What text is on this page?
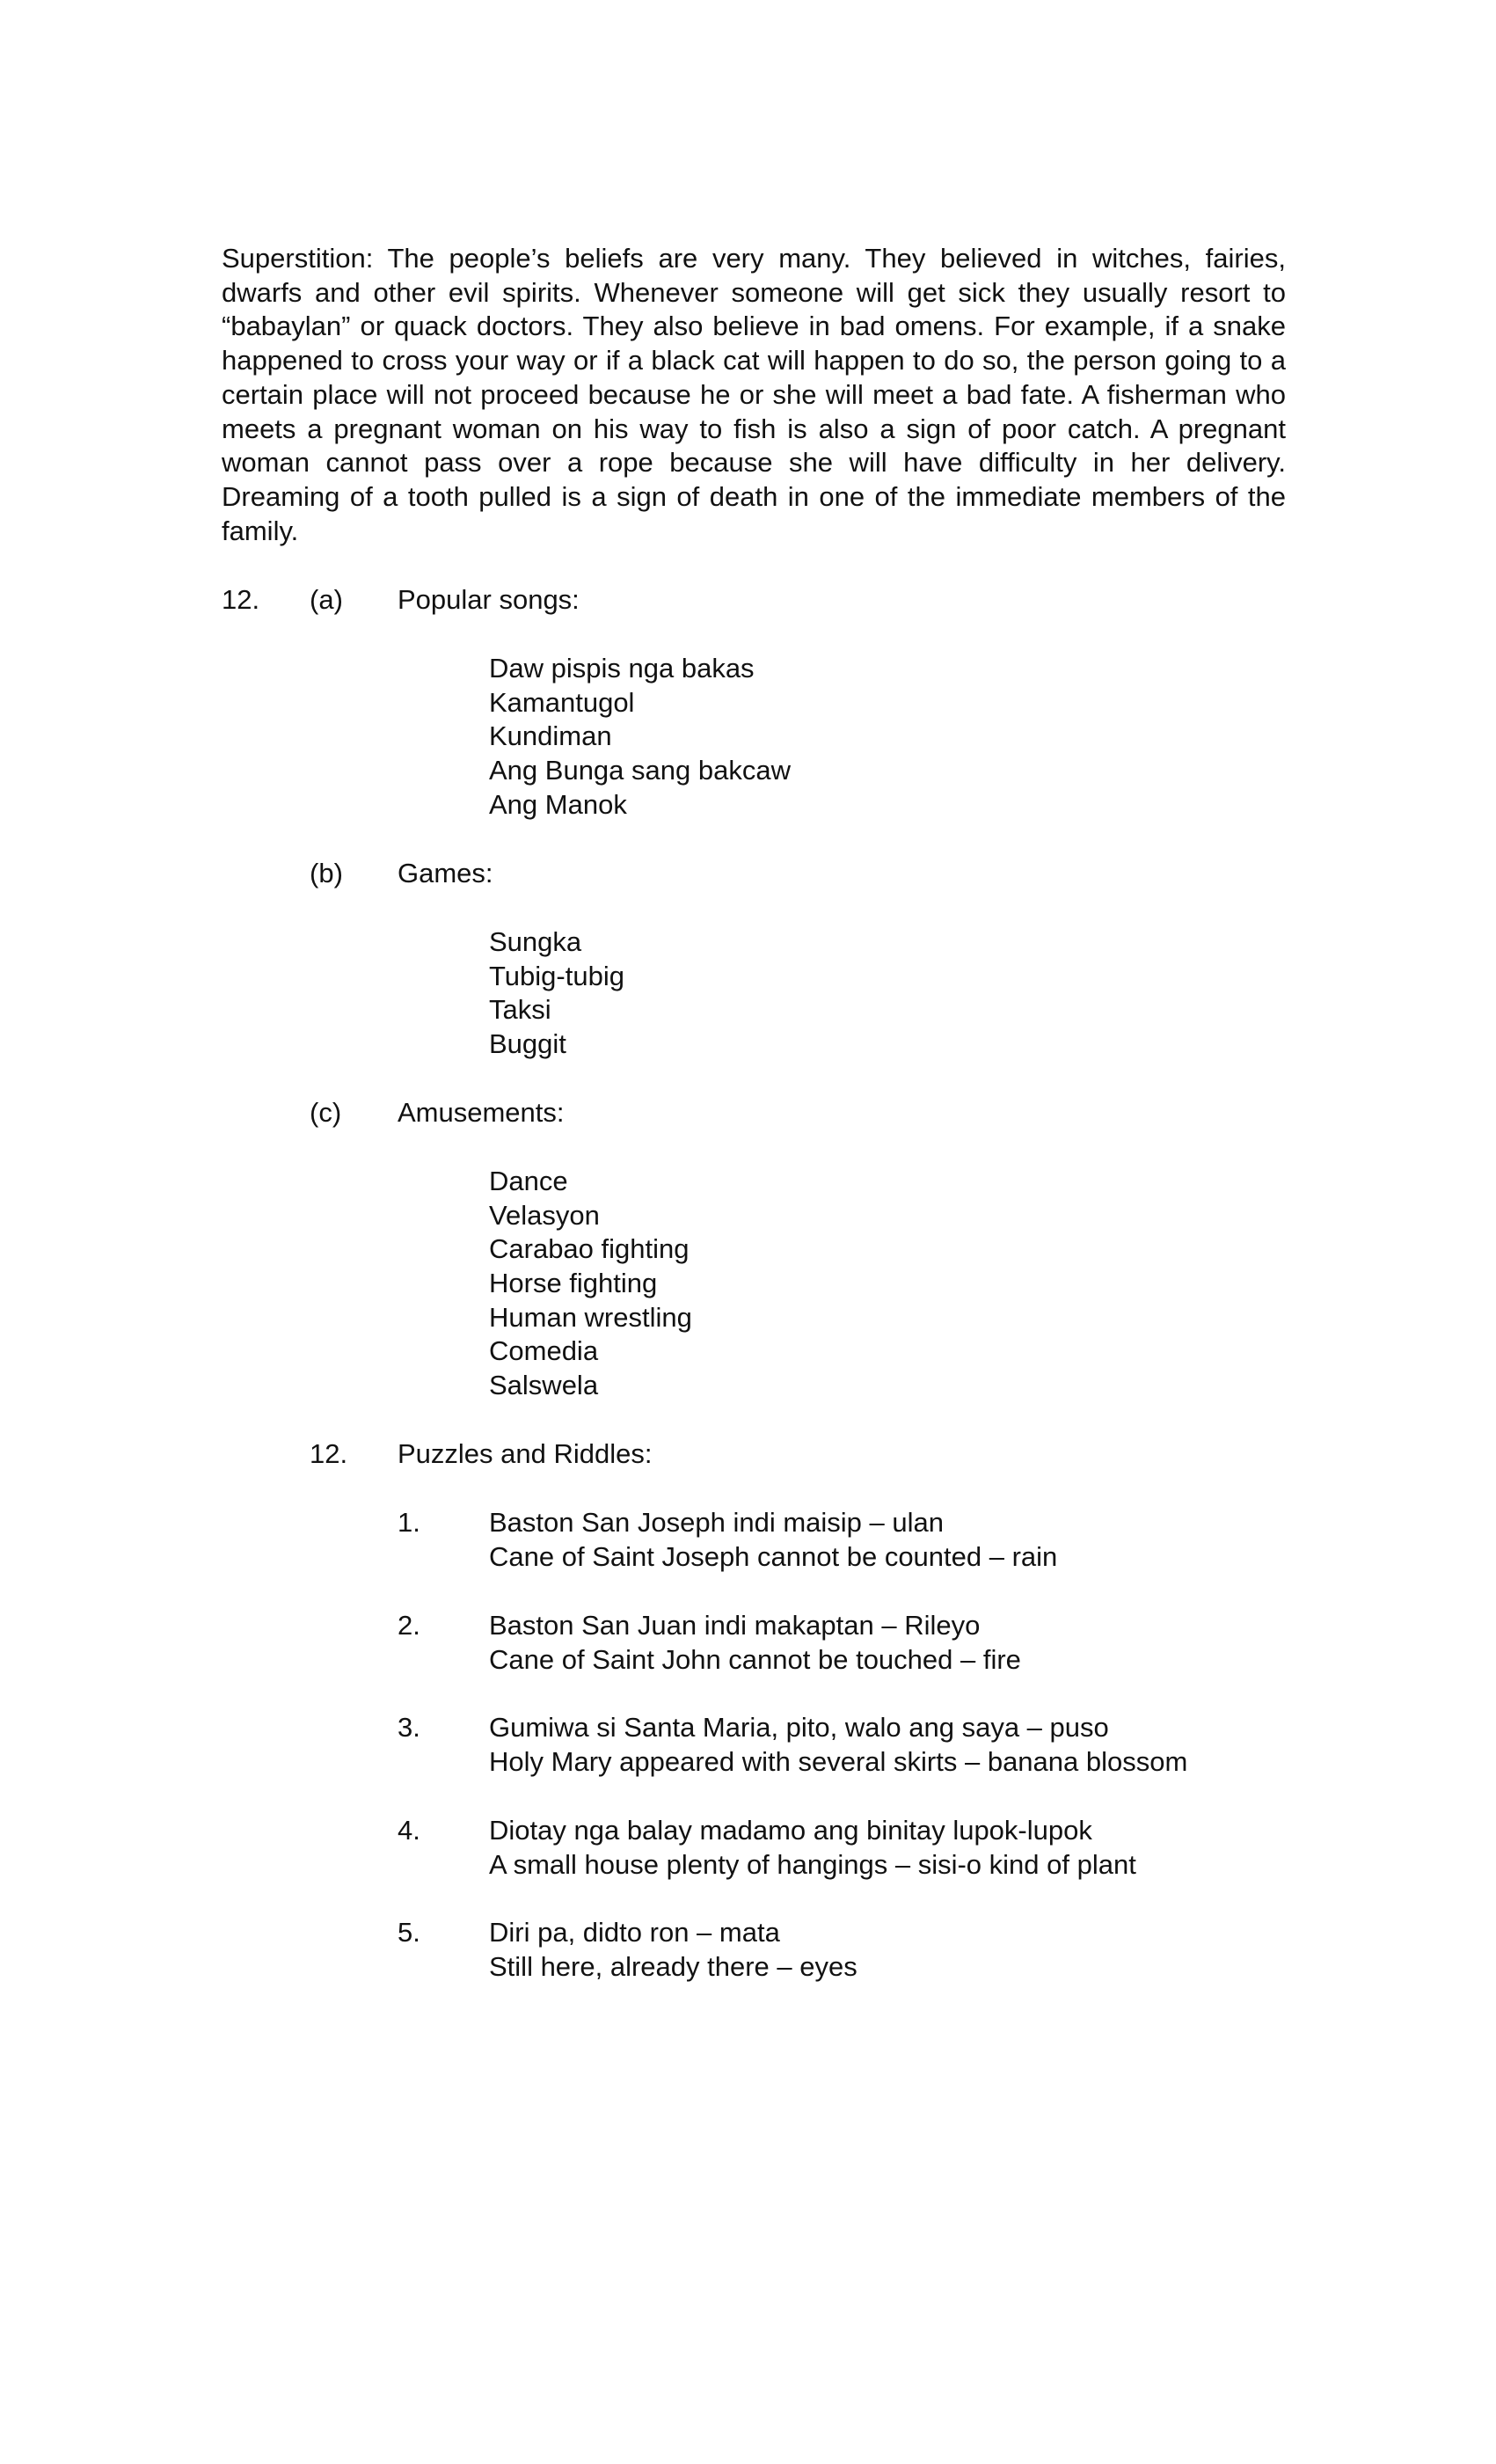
Superstition: The people’s beliefs are very many. They believed in witches, fairies, dwarfs and other evil spirits. Whenever someone will get sick they usually resort to “babaylan” or quack doctors. They also believe in bad omens. For example, if a snake happened to cross your way or if a black cat will happen to do so, the person going to a certain place will not proceed because he or she will meet a bad fate. A fisherman who meets a pregnant woman on his way to fish is also a sign of poor catch. A pregnant woman cannot pass over a rope because she will have difficulty in her delivery. Dreaming of a tooth pulled is a sign of death in one of the immediate members of the family.

12. (a) Popular songs:
Daw pispis nga bakas
Kamantugol
Kundiman
Ang Bunga sang bakcaw
Ang Manok
(b) Games:
Sungka
Tubig-tubig
Taksi
Buggit
(c) Amusements:
Dance
Velasyon
Carabao fighting
Horse fighting
Human wrestling
Comedia
Salswela
12. Puzzles and Riddles:
1.	Baston San Joseph indi maisip – ulan
Cane of Saint Joseph cannot be counted – rain
2.	Baston San Juan indi makaptan – Rileyo
Cane of Saint John cannot be touched – fire
3.	Gumiwa si Santa Maria, pito, walo ang saya – puso
Holy Mary appeared with several skirts – banana blossom
4.	Diotay nga balay madamo ang binitay lupok-lupok
A small house plenty of hangings – sisi-o kind of plant
5.	Diri pa, didto ron – mata
Still here, already there – eyes
